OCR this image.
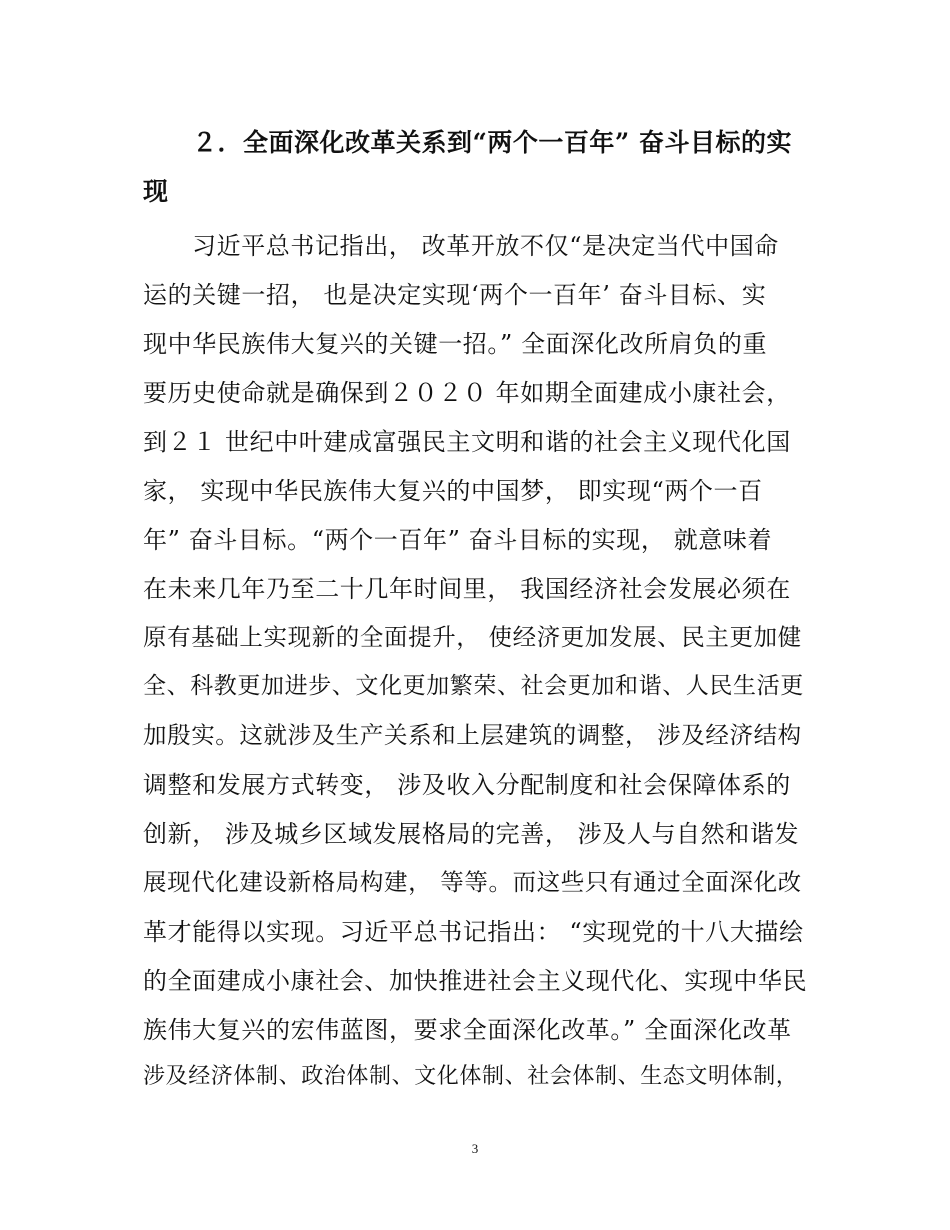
２．全面深化改革关系到“两个一百年” 奋斗目标的实
现
习近平总书记指出， 改革开放不仅“是决定当代中国命
运的关键一招， 也是决定实现‘两个一百年’ 奋斗目标、实
现中华民族伟大复兴的关键一招。” 全面深化改所肩负的重
要历史使命就是确保到２０２０ 年如期全面建成小康社会，
到２１ 世纪中叶建成富强民主文明和谐的社会主义现代化国
家， 实现中华民族伟大复兴的中国梦， 即实现“两个一百
年” 奋斗目标。“两个一百年” 奋斗目标的实现， 就意味着
在未来几年乃至二十几年时间里， 我国经济社会发展必须在
原有基础上实现新的全面提升， 使经济更加发展、民主更加健
全、科教更加进步、文化更加繁荣、社会更加和谐、人民生活更
加殷实。这就涉及生产关系和上层建筑的调整， 涉及经济结构
调整和发展方式转变， 涉及收入分配制度和社会保障体系的
创新， 涉及城乡区域发展格局的完善， 涉及人与自然和谐发
展现代化建设新格局构建， 等等。而这些只有通过全面深化改
革才能得以实现。习近平总书记指出： “实现党的十八大描绘
的全面建成小康社会、加快推进社会主义现代化、实现中华民
族伟大复兴的宏伟蓝图，要求全面深化改革。” 全面深化改革
涉及经济体制、政治体制、文化体制、社会体制、生态文明体制，
3
